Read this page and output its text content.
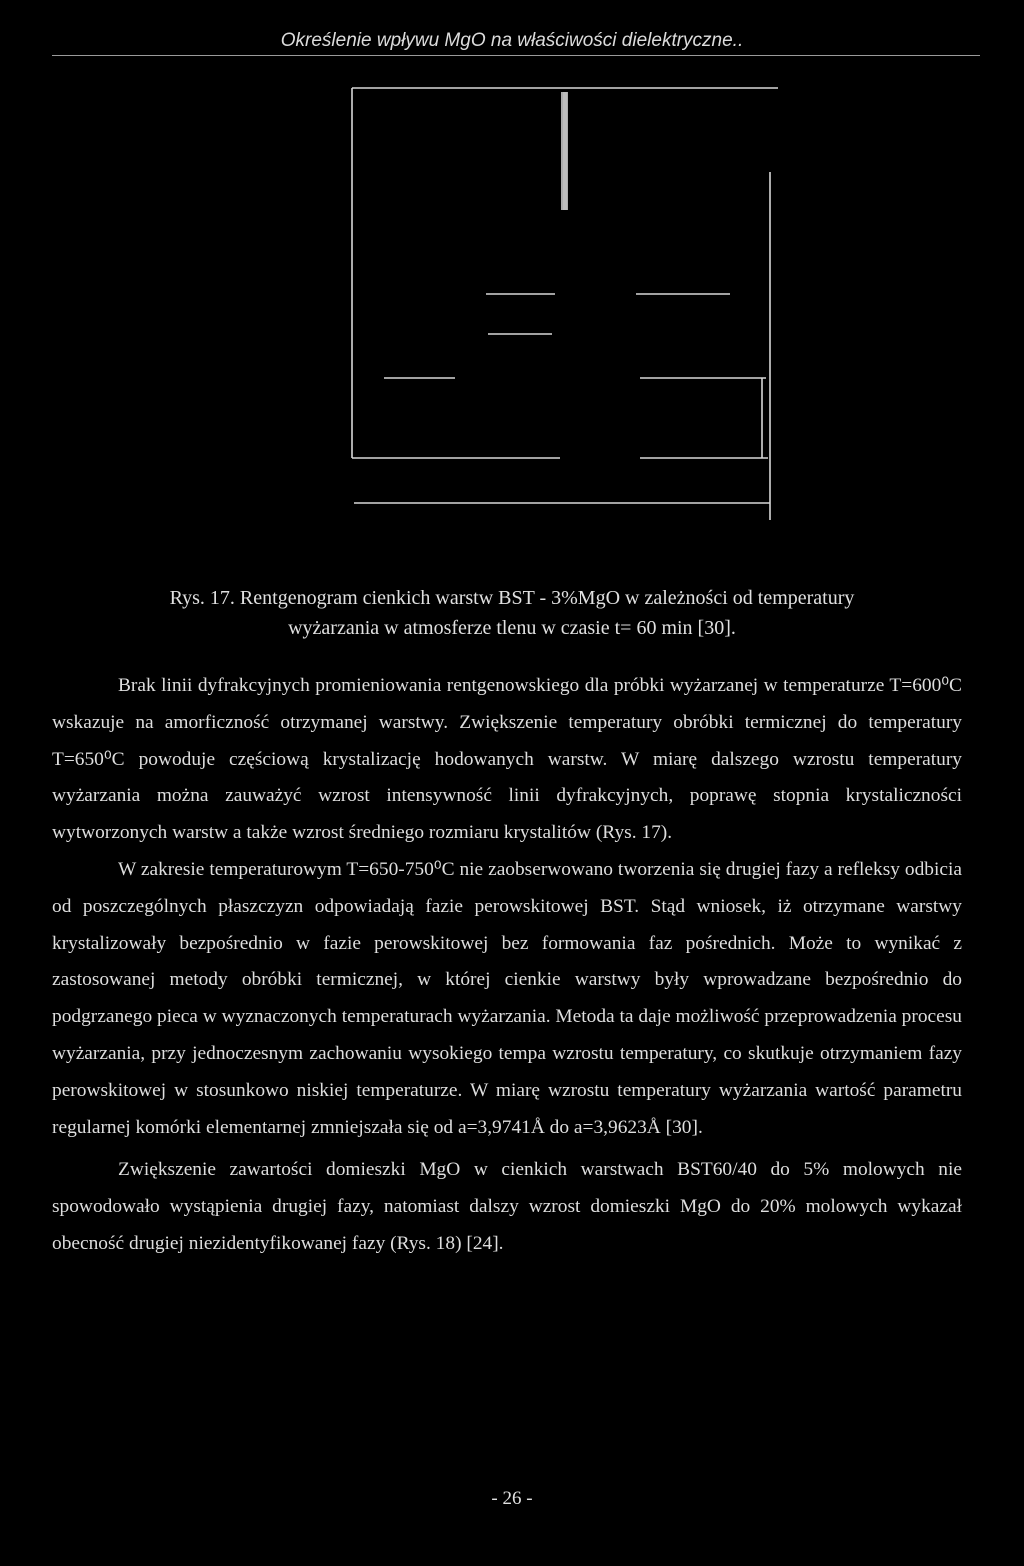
Określenie wpływu MgO na właściwości dielektryczne..
Rys. 17. Rentgenogram cienkich warstw BST - 3%MgO w zależności od temperatury
wyżarzania w atmosferze tlenu w czasie t= 60 min [30].

Brak linii dyfrakcyjnych promieniowania rentgenowskiego dla próbki wyżarzanej w temperaturze T=600⁰C wskazuje na amorficzność otrzymanej warstwy. Zwiększenie temperatury obróbki termicznej do temperatury T=650⁰C powoduje częściową krystalizację hodowanych warstw. W miarę dalszego wzrostu temperatury wyżarzania można zauważyć wzrost intensywność linii dyfrakcyjnych, poprawę stopnia krystaliczności wytworzonych warstw a także wzrost średniego rozmiaru krystalitów (Rys. 17).

W zakresie temperaturowym T=650-750⁰C nie zaobserwowano tworzenia się drugiej fazy a refleksy odbicia od poszczególnych płaszczyzn odpowiadają fazie perowskitowej BST. Stąd wniosek, iż otrzymane warstwy krystalizowały bezpośrednio w fazie perowskitowej bez formowania faz pośrednich. Może to wynikać z zastosowanej metody obróbki termicznej, w której cienkie warstwy były wprowadzane bezpośrednio do podgrzanego pieca w wyznaczonych temperaturach wyżarzania. Metoda ta daje możliwość przeprowadzenia procesu wyżarzania, przy jednoczesnym zachowaniu wysokiego tempa wzrostu temperatury, co skutkuje otrzymaniem fazy perowskitowej w stosunkowo niskiej temperaturze. W miarę wzrostu temperatury wyżarzania wartość parametru regularnej komórki elementarnej zmniejszała się od a=3,9741Å do a=3,9623Å [30].

Zwiększenie zawartości domieszki MgO w cienkich warstwach BST60/40 do 5% molowych nie spowodowało wystąpienia drugiej fazy, natomiast dalszy wzrost domieszki MgO do 20% molowych wykazał obecność drugiej niezidentyfikowanej fazy (Rys. 18) [24].

- 26 -
